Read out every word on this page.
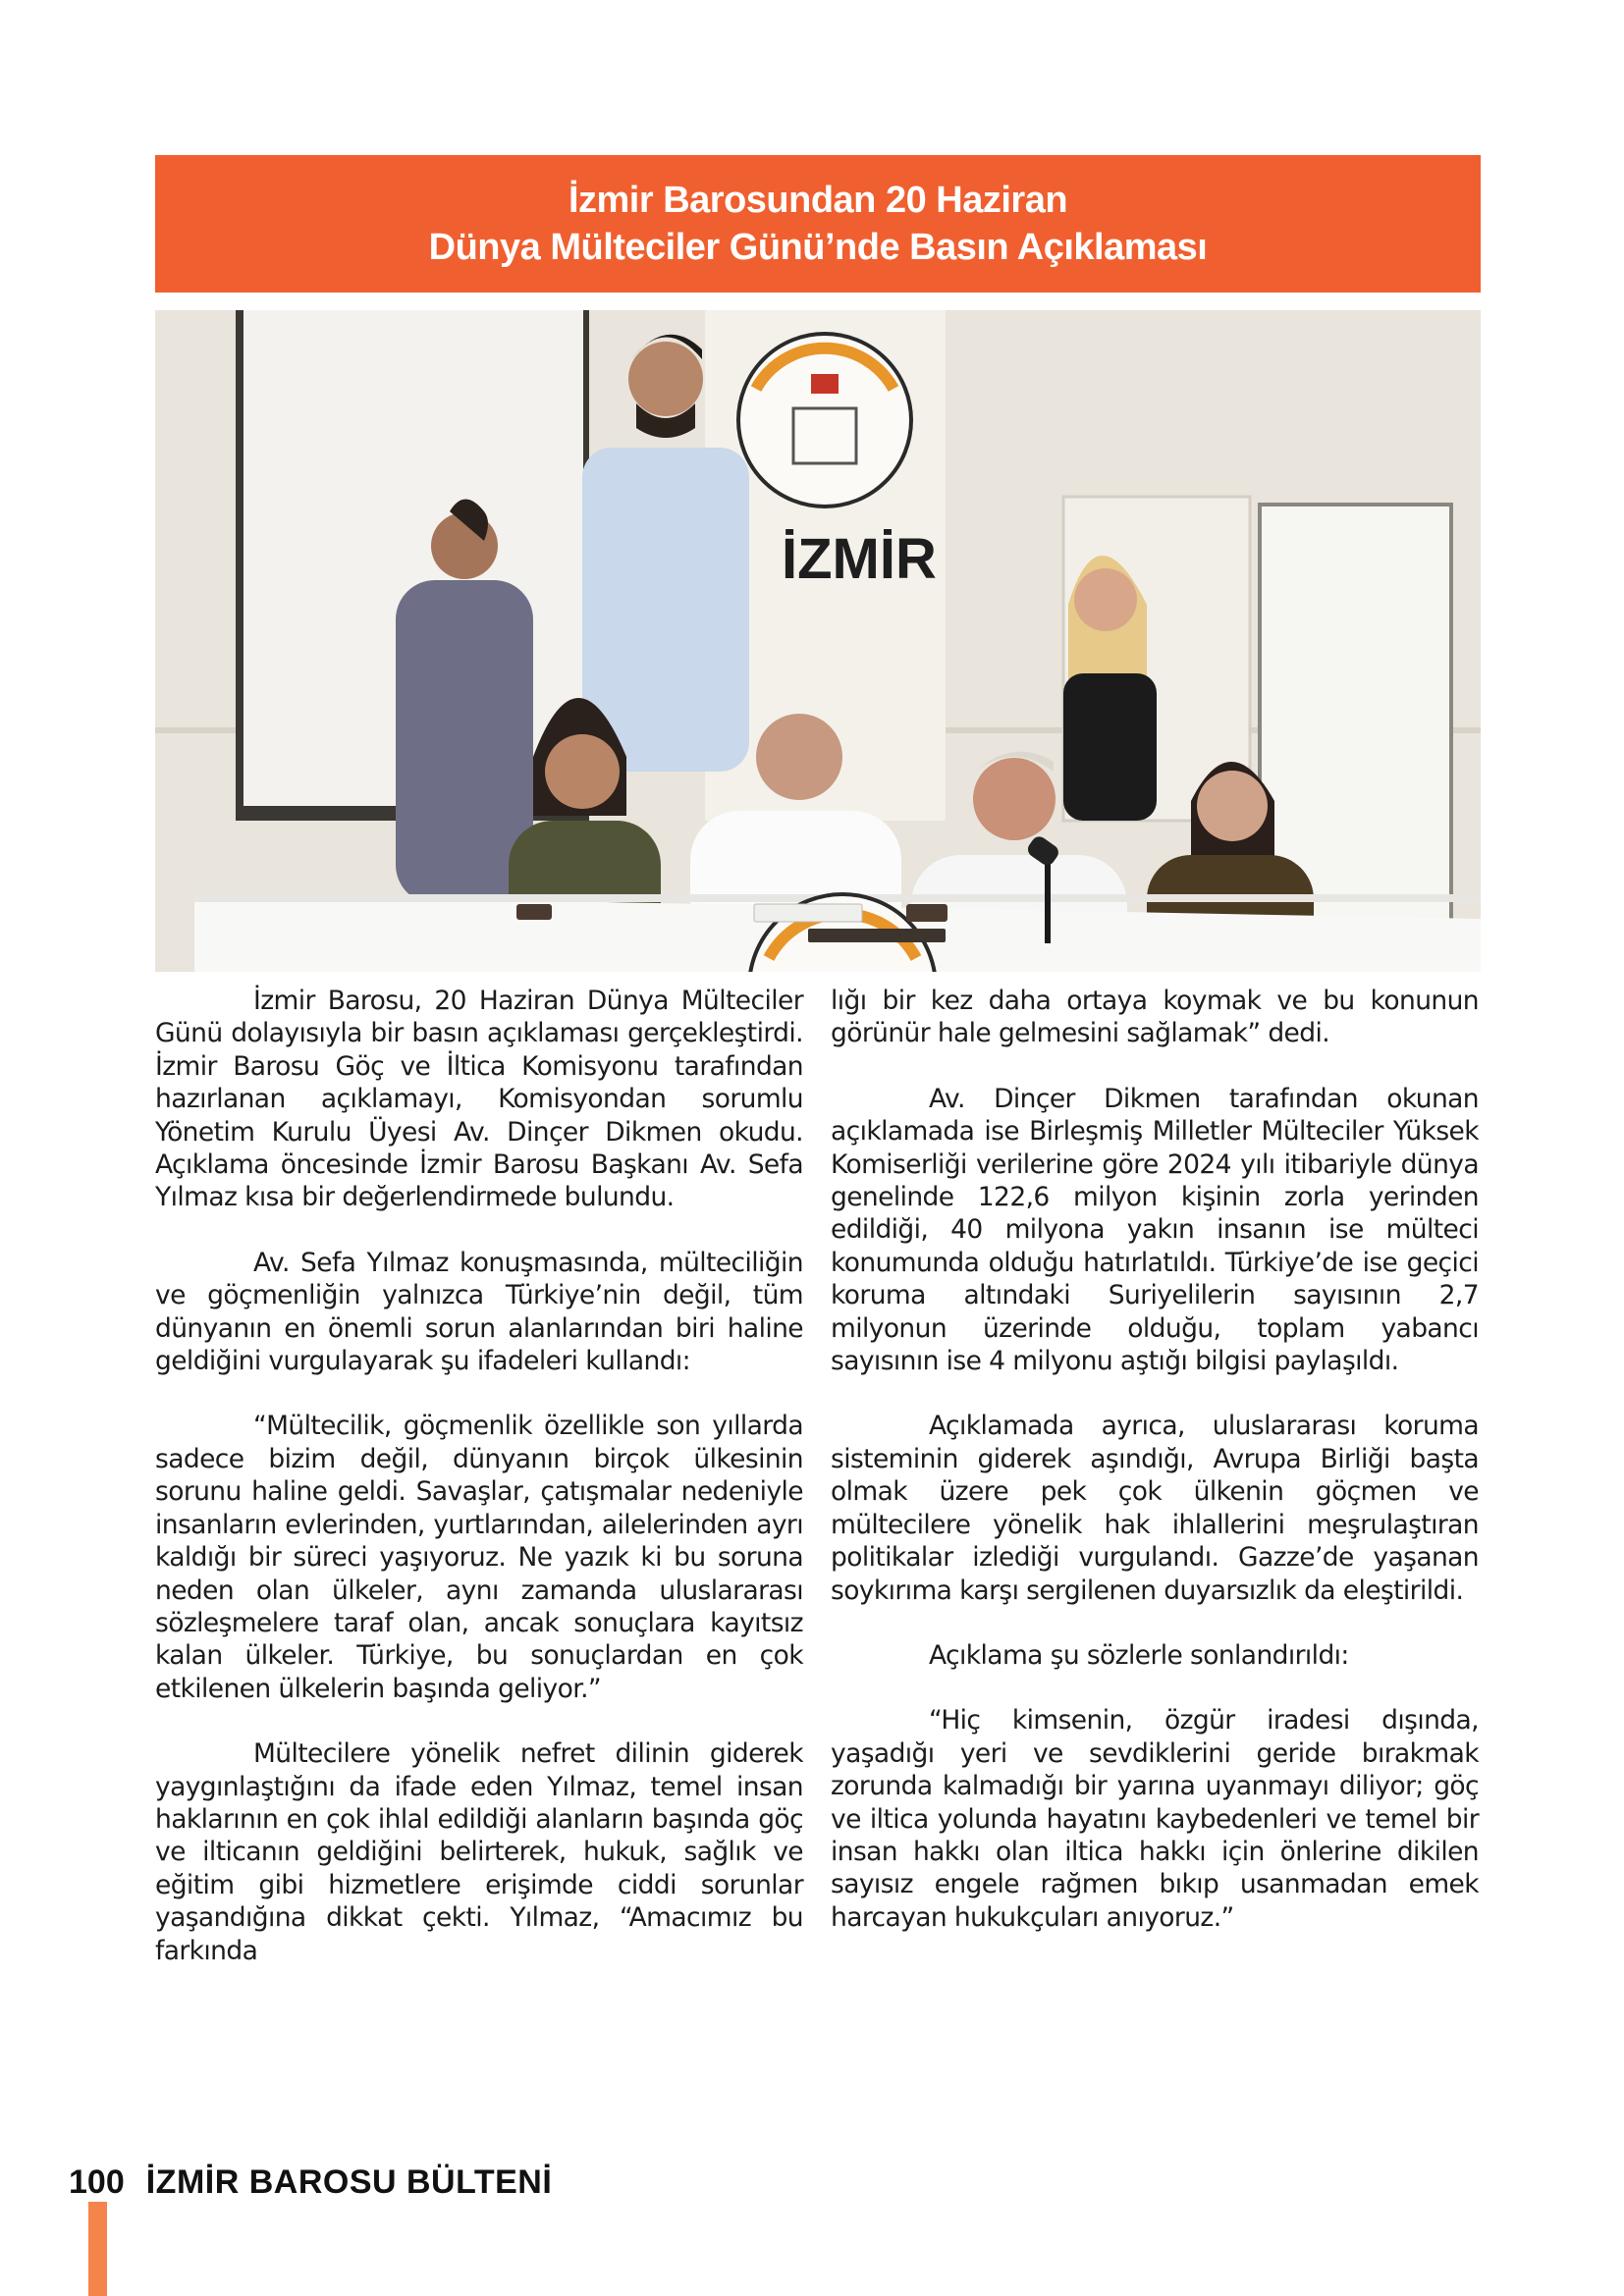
İzmir Barosundan 20 Haziran
Dünya Mülteciler Günü’nde Basın Açıklaması
İZMİR

İzmir Barosu, 20 Haziran Dünya Mülteciler Günü dolayısıyla bir basın açıklaması gerçekleştirdi. İzmir Barosu Göç ve İltica Komisyonu tarafından hazırlanan açıklamayı, Komisyondan sorumlu Yönetim Kurulu Üyesi Av. Dinçer Dikmen okudu. Açıklama öncesinde İzmir Barosu Başkanı Av. Sefa Yılmaz kısa bir değerlendirmede bulundu.

Av. Sefa Yılmaz konuşmasında, mülteciliğin ve göçmenliğin yalnızca Türkiye’nin değil, tüm dünyanın en önemli sorun alanlarından biri haline geldiğini vurgulayarak şu ifadeleri kullandı:

“Mültecilik, göçmenlik özellikle son yıllarda sadece bizim değil, dünyanın birçok ülkesinin sorunu haline geldi. Savaşlar, çatışmalar nedeniyle insanların evlerinden, yurtlarından, ailelerinden ayrı kaldığı bir süreci yaşıyoruz. Ne yazık ki bu soruna neden olan ülkeler, aynı zamanda uluslararası sözleşmelere taraf olan, ancak sonuçlara kayıtsız kalan ülkeler. Türkiye, bu sonuçlardan en çok etkilenen ülkelerin başında geliyor.”

Mültecilere yönelik nefret dilinin giderek yaygınlaştığını da ifade eden Yılmaz, temel insan haklarının en çok ihlal edildiği alanların başında göç ve ilticanın geldiğini belirterek, hukuk, sağlık ve eğitim gibi hizmetlere erişimde ciddi sorunlar yaşandığına dikkat çekti. Yılmaz, “Amacımız bu farkında

lığı bir kez daha ortaya koymak ve bu konunun görünür hale gelmesini sağlamak” dedi.

Av. Dinçer Dikmen tarafından okunan açıklamada ise Birleşmiş Milletler Mülteciler Yüksek Komiserliği verilerine göre 2024 yılı itibariyle dünya genelinde 122,6 milyon kişinin zorla yerinden edildiği, 40 milyona yakın insanın ise mülteci konumunda olduğu hatırlatıldı. Türkiye’de ise geçici koruma altındaki Suriyelilerin sayısının 2,7 milyonun üzerinde olduğu, toplam yabancı sayısının ise 4 milyonu aştığı bilgisi paylaşıldı.

Açıklamada ayrıca, uluslararası koruma sisteminin giderek aşındığı, Avrupa Birliği başta olmak üzere pek çok ülkenin göçmen ve mültecilere yönelik hak ihlallerini meşrulaştıran politikalar izlediği vurgulandı. Gazze’de yaşanan soykırıma karşı sergilenen duyarsızlık da eleştirildi.

Açıklama şu sözlerle sonlandırıldı:

“Hiç kimsenin, özgür iradesi dışında, yaşadığı yeri ve sevdiklerini geride bırakmak zorunda kalmadığı bir yarına uyanmayı diliyor; göç ve iltica yolunda hayatını kaybedenleri ve temel bir insan hakkı olan iltica hakkı için önlerine dikilen sayısız engele rağmen bıkıp usanmadan emek harcayan hukukçuları anıyoruz.”

100 İZMİR BAROSU BÜLTENİ
